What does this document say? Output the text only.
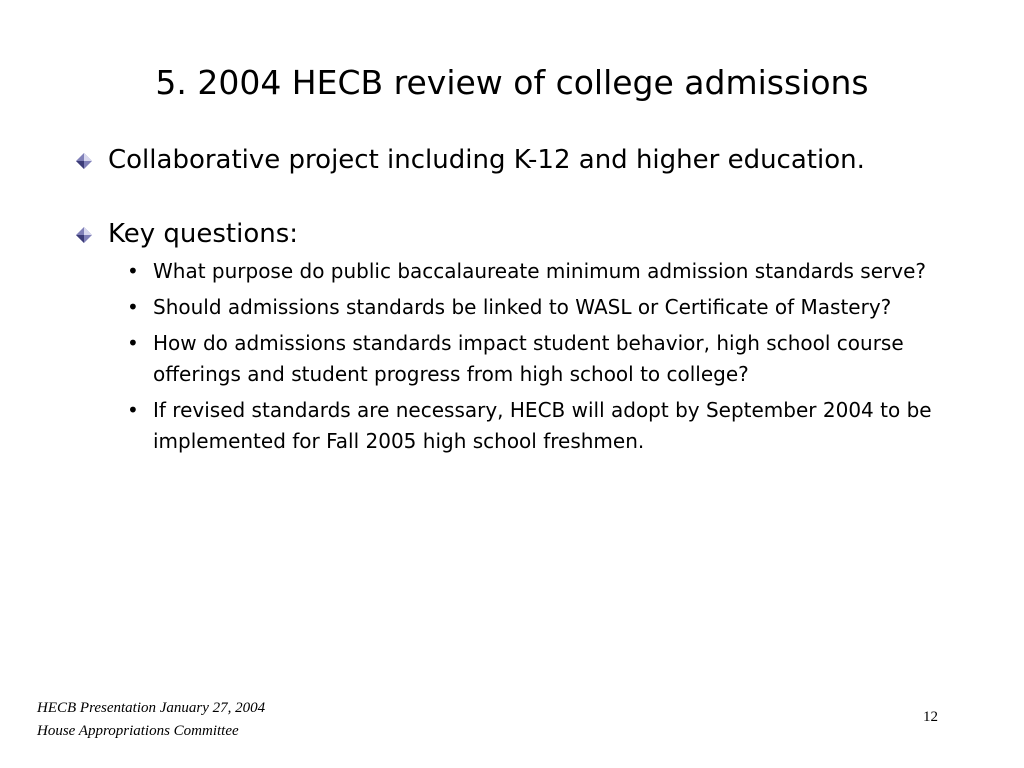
5. 2004 HECB review of college admissions
Collaborative project including K-12 and higher education.
Key questions:
• What purpose do public baccalaureate minimum admission standards serve?
• Should admissions standards be linked to WASL or Certificate of Mastery?
• How do admissions standards impact student behavior, high school course offerings and student progress from high school to college?
• If revised standards are necessary, HECB will adopt by September 2004 to be implemented for Fall 2005 high school freshmen.
HECB Presentation January 27, 2004
House Appropriations Committee
12
